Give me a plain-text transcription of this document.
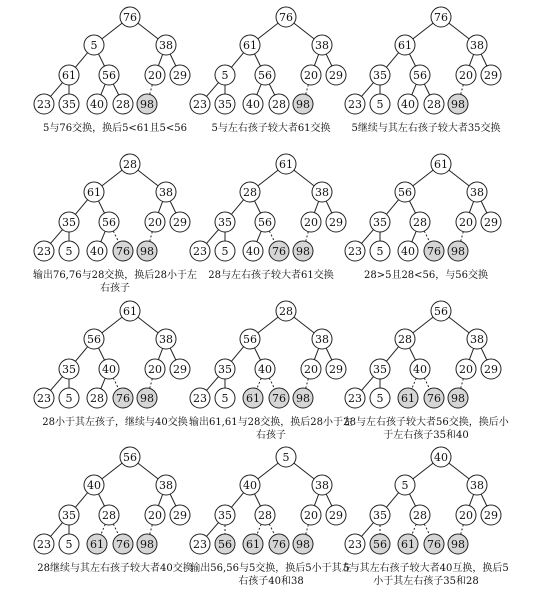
76
5	38
61 56	20 29
23 35 40 28 98
76
61	38
5	56	20 29
23 35 40 28 98
76
61	38
35 56	20 29
23 5 40 28 98
28
61	38
35 56	20 29
23 5 40 76 98
61
28	38
35 56	20 29
23 5 40 76 98
61
56	38
35 28	20 29
23 5 40 76 98
61
56	38
35 40	20 29
23 5 28 76 98
28
56	38
35 40	20 29
23 5 61 76 98
56
28	38
35 40	20 29
23 5 61 76 98
56
40	38
35 28	20 29
23 5 61 76 98
5
40	38
35 28	20 29
23 56 61 76 98
40
5	38
35 28	20 29
23 56 61 76 98
5与76交换，换后5<61且5<56	5与左右孩子较大者61交换	5继续与其左右孩子较大者35交换
输出76,76与28交换，换后28小于左右孩子
28与左右孩子较大者61交换	28>5且28<56，与56交换
28小于其左孩子，继续与40交换 输出61,61与28交换，换后28小于左右孩子
28与左右孩子较大者56交换，换后小于左右孩子35和40
28继续与其左右孩子较大者40交换
输出56,56与5交换，换后5小于其左右孩子40和38
5与其左右孩子较大者40互换，换后5小于其左右孩子35和28
